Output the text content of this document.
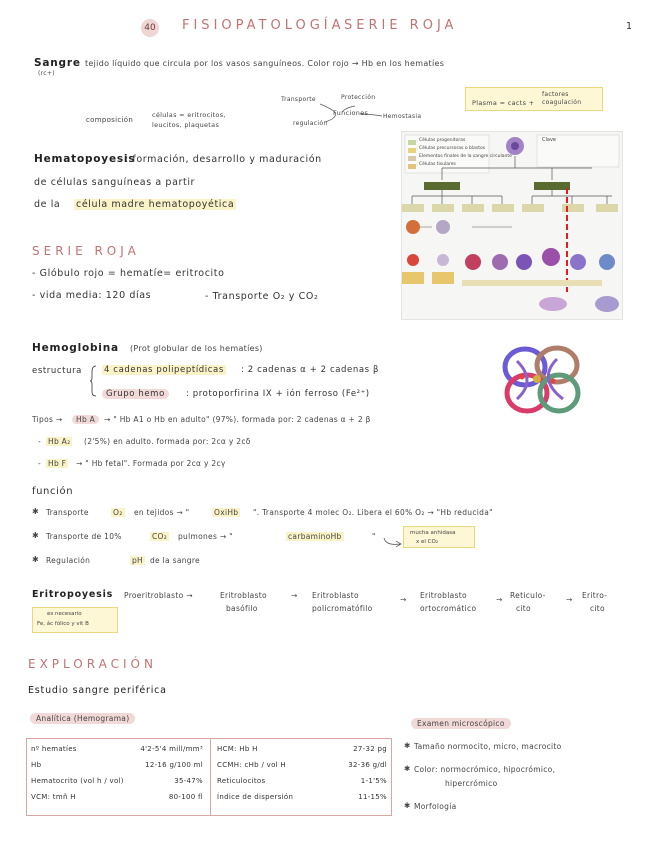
40 FISIOPATOLOGÍA SERIE ROJA	1
Sangre tejido líquido que circula por los vasos sanguíneos. Color rojo → Hb en los hematíes
(rc+)
composición
células = eritrocitos,
leucitos, plaquetas
Transporte	Protección
Funciones
regulación
Hemostasia
Plasma = cacts +
factores
coagulación
Hematopoyesis
: formación, desarrollo y maduración
de células sanguíneas a partir
de la célula madre hematopoyética
Clave
Células progenitoras
Células precursoras o blastos
Elementos finales de la sangre circulante
Células tisulares
SERIE ROJA
- Glóbulo rojo = hematíe= eritrocito
- vida media: 120 días	- Transporte O₂ y CO₂
Hemoglobina (Prot globular de los hematíes)
estructura	4 cadenas polipeptídicas : 2 cadenas α + 2 cadenas β
Grupo hemo	: protoporfirina IX + ión ferroso (Fe²⁺)
Tipos →	Hb A	→ " Hb A1 o Hb en adulto" (97%). formada por: 2 cadenas α + 2 β
- Hb A₂ (2'5%) en adulto. formada por: 2cα y 2cδ
- Hb F → " Hb fetal". Formada por 2cα y 2cγ
función
✱ Transporte	O₂ en tejidos → "	OxiHb ". Transporte 4 molec O₂. Libera el 60% O₂ → "Hb reducida"
✱ Transporte de 10%	CO₂ pulmones → "	carbaminoHb	"	mucha anhidasa
x el CO₂
✱ Regulación	pH de la sangre
Eritropoyesis
es necesario
Fe, ác fólico y vit B
Proeritroblasto →	Eritroblasto
basófilo
→ Eritroblasto
policromatófilo
→ Eritroblasto
ortocromático
→ Reticulo-
cito
→ Eritro-
cito
EXPLORACIÓN
Estudio sangre periférica
Analítica (Hemograma)
Examen microscópico
nº hematíes	4'2-5'4 mill/mm³
Hb	12-16 g/100 ml
Hematocrito (vol h / vol)	35-47%
VCM: tmñ H	80-100 fl
HCM: Hb H	27-32 pg
CCMH: cHb / vol H	32-36 g/dl
Reticulocitos	1-1'5%
Índice de dispersión	11-15%
✱ Tamaño normocito, micro, macrocito
✱ Color: normocrómico, hipocrómico,
hipercrómico
✱ Morfología
